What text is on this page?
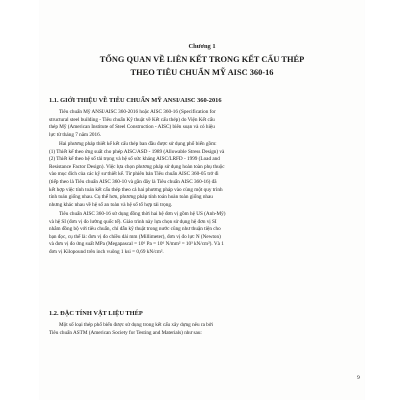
Chương 1
TỔNG QUAN VỀ LIÊN KẾT TRONG KẾT CẤU THÉP
THEO TIÊU CHUẨN MỸ AISC 360-16
1.1. GIỚI THIỆU VỀ TIÊU CHUẨN MỸ ANSI/AISC 360-2016
Tiêu chuẩn Mỹ ANSI/AISC 360-2016 hoặc AISC 360-16 (Specification for
structural steel building - Tiêu chuẩn Kỹ thuật về Kết cấu thép) do Viện Kết cấu
thép Mỹ (American Institute of Steel Construction - AISC) biên soạn và có hiệu
lực từ tháng 7 năm 2016.
Hai phương pháp thiết kế kết cấu thép ban đầu được sử dụng phổ biến gồm:
(1) Thiết kế theo ứng suất cho phép AISC/ASD - 1989 (Allowable Stress Design) và
(2) Thiết kế theo hệ số tải trọng và hệ số sức kháng AISC/LRFD - 1999 (Load and
Resistance Factor Design). Việc lựa chọn phương pháp sử dụng hoàn toàn phụ thuộc
vào mục đích của các kỹ sư thiết kế. Từ phiên bản Tiêu chuẩn AISC 360-05 trở đi
(tiếp theo là Tiêu chuẩn AISC 360-10 và gần đây là Tiêu chuẩn AISC 360-16) đã
kết hợp việc tính toán kết cấu thép theo cả hai phương pháp vào cùng một quy trình
tính toán giống nhau. Cụ thể hơn, phương pháp tính toán hoàn toàn giống nhau
nhưng khác nhau về hệ số an toàn và hệ số tổ hợp tải trọng.
Tiêu chuẩn AISC 360-16 sử dụng đồng thời hai hệ đơn vị gồm hệ US (Anh-Mỹ)
và hệ SI (đơn vị đo lường quốc tế). Giáo trình này lựa chọn sử dụng hệ đơn vị SI
nhằm đồng bộ với tiêu chuẩn, chỉ dẫn kỹ thuật trong nước cũng như thuận tiện cho
bạn đọc, cụ thể là: đơn vị đo chiều dài mm (Millimeter), đơn vị đo lực N (Newton)
và đơn vị đo ứng suất MPa (Megapascal = 10⁶ Pa = 10⁶ N/mm² = 10³ kN/cm²). Và 1
đơn vị Kilopound trên inch vuông 1 ksi = 0,69 kN/cm².
1.2. ĐẶC TÍNH VẬT LIỆU THÉP
Một số loại thép phổ biến được sử dụng trong kết cấu xây dựng nêu ra bởi
Tiêu chuẩn ASTM (American Society for Testing and Materials) như sau:
9
